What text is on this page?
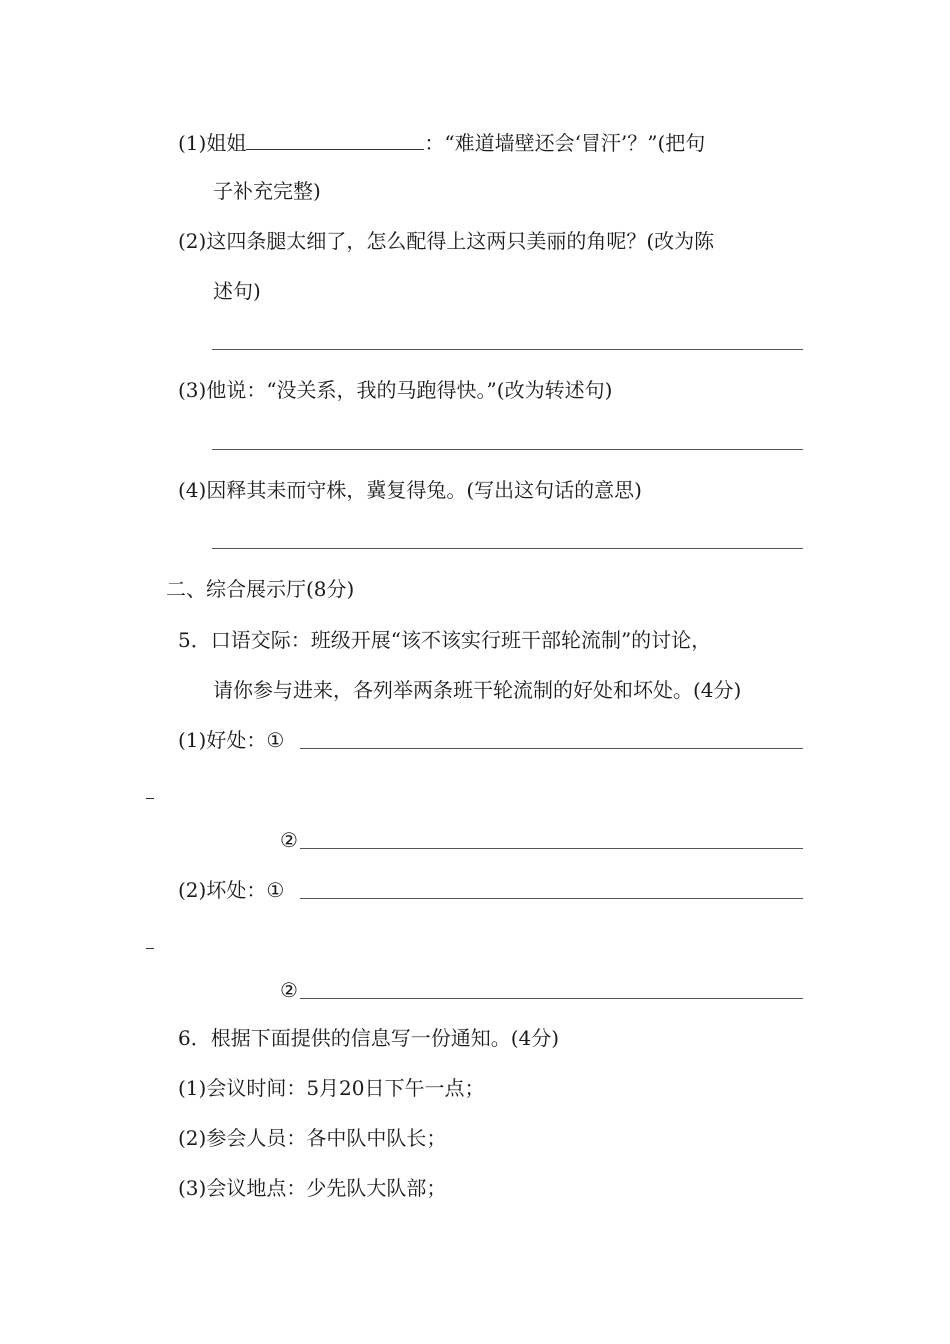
(1)姐姐	：“难道墙壁还会‘冒汗’？”(把句
子补充完整)
(2)这四条腿太细了，怎么配得上这两只美丽的角呢？(改为陈
述句)
(3)他说：“没关系，我的马跑得快。”(改为转述句)
(4)因释其耒而守株，冀复得兔。(写出这句话的意思)
二、综合展示厅(8分)
5．口语交际：班级开展“该不该实行班干部轮流制”的讨论，
请你参与进来，各列举两条班干轮流制的好处和坏处。(4分)
(1)好处：①
②
(2)坏处：①
②
6．根据下面提供的信息写一份通知。(4分)
(1)会议时间：5月20日下午一点；
(2)参会人员：各中队中队长；
(3)会议地点：少先队大队部；
